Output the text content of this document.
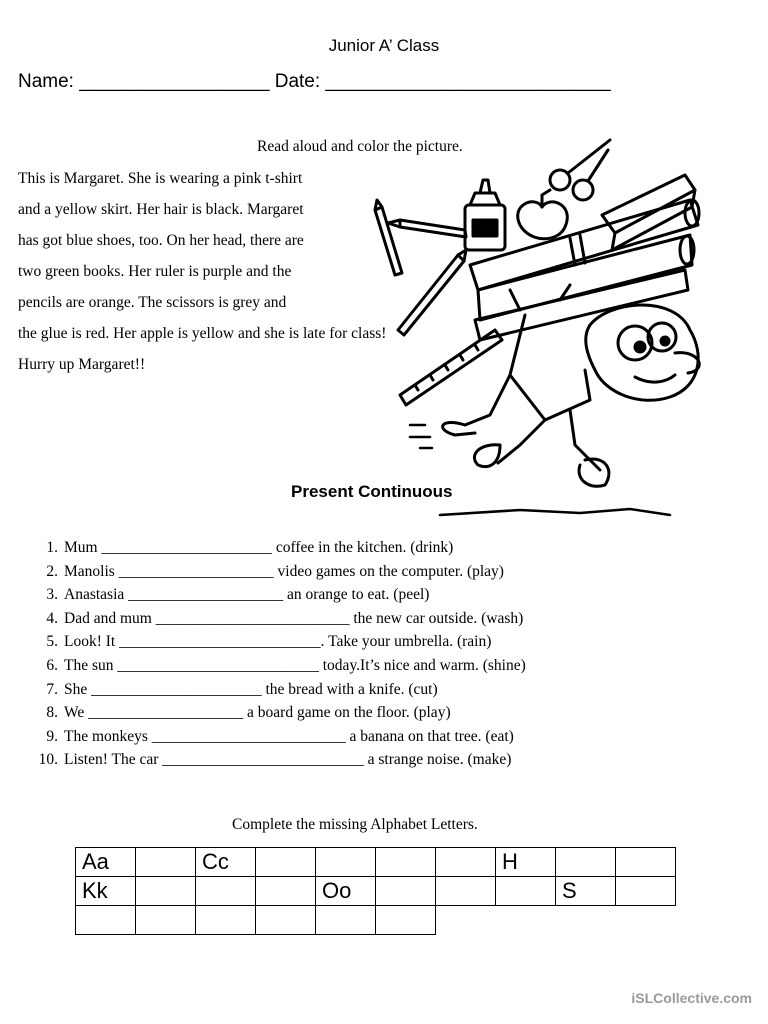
Junior A’ Class
Name: __________________ Date: ___________________________
Read aloud and color the picture.
This is Margaret. She is wearing a pink t-shirt
and a yellow skirt. Her hair is black. Margaret
has got blue shoes, too. On her head, there are
two green books. Her ruler is purple and the
pencils are orange. The scissors is grey and
the glue is red. Her apple is yellow and she is late for class!
Hurry up Margaret!!
Present Continuous
1. Mum ______________________ coffee in the kitchen. (drink)
2. Manolis ____________________ video games on the computer. (play)
3. Anastasia ____________________ an orange to eat. (peel)
4. Dad and mum _________________________ the new car outside. (wash)
5. Look! It __________________________. Take your umbrella. (rain)
6. The sun __________________________ today.It’s nice and warm. (shine)
7. She ______________________ the bread with a knife. (cut)
8. We ____________________ a board game on the floor. (play)
9. The monkeys _________________________ a banana on that tree. (eat)
10. Listen! The car __________________________ a strange noise. (make)
Complete the missing Alphabet Letters.
Aa		Cc					H		
Kk				Oo				S	

iSLCollective.com
